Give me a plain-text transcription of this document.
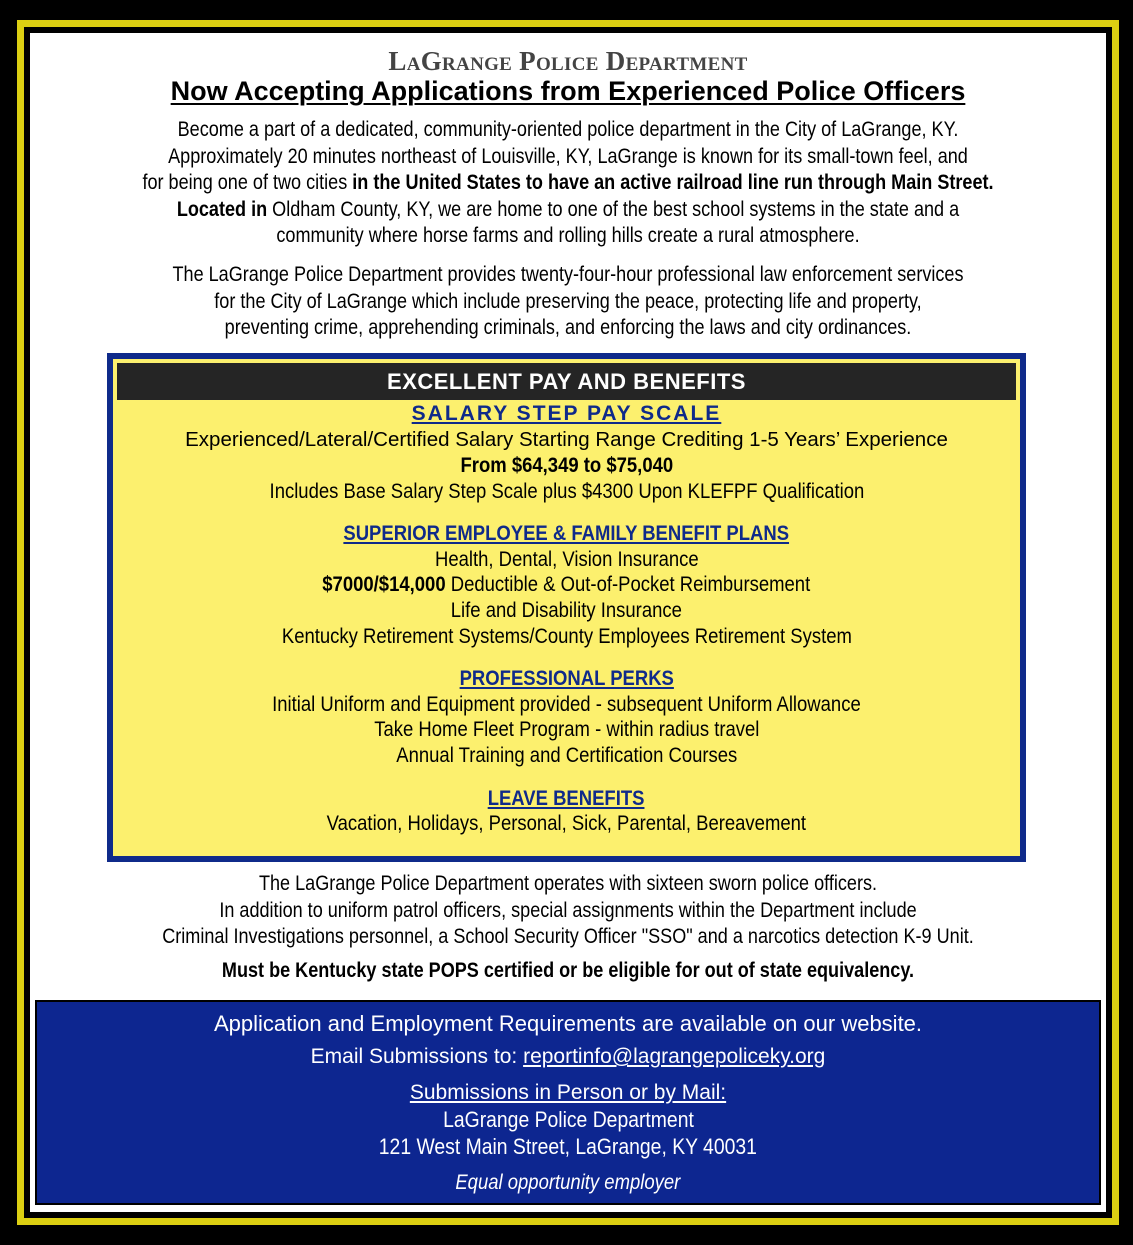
LaGrange Police Department
Now Accepting Applications from Experienced Police Officers
Become a part of a dedicated, community-oriented police department in the City of LaGrange, KY.
Approximately 20 minutes northeast of Louisville, KY, LaGrange is known for its small-town feel, and
for being one of two cities in the United States to have an active railroad line run through Main Street.
Located in Oldham County, KY, we are home to one of the best school systems in the state and a
community where horse farms and rolling hills create a rural atmosphere.
The LaGrange Police Department provides twenty-four-hour professional law enforcement services
for the City of LaGrange which include preserving the peace, protecting life and property,
preventing crime, apprehending criminals, and enforcing the laws and city ordinances.
EXCELLENT PAY AND BENEFITS
SALARY STEP PAY SCALE
Experienced/Lateral/Certified Salary Starting Range Crediting 1-5 Years’ Experience
From $64,349 to $75,040
Includes Base Salary Step Scale plus $4300 Upon KLEFPF Qualification
SUPERIOR EMPLOYEE & FAMILY BENEFIT PLANS
Health, Dental, Vision Insurance
$7000/$14,000 Deductible & Out-of-Pocket Reimbursement
Life and Disability Insurance
Kentucky Retirement Systems/County Employees Retirement System
PROFESSIONAL PERKS
Initial Uniform and Equipment provided - subsequent Uniform Allowance
Take Home Fleet Program - within radius travel
Annual Training and Certification Courses
LEAVE BENEFITS
Vacation, Holidays, Personal, Sick, Parental, Bereavement
The LaGrange Police Department operates with sixteen sworn police officers.
In addition to uniform patrol officers, special assignments within the Department include
Criminal Investigations personnel, a School Security Officer "SSO" and a narcotics detection K-9 Unit.
Must be Kentucky state POPS certified or be eligible for out of state equivalency.
Application and Employment Requirements are available on our website.
Email Submissions to: reportinfo@lagrangepoliceky.org
Submissions in Person or by Mail:
LaGrange Police Department
121 West Main Street, LaGrange, KY 40031
Equal opportunity employer
